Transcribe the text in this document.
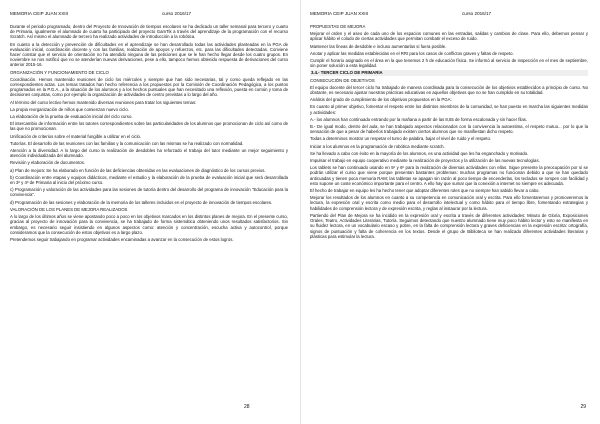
MEMORIA CEIP JUAN XXIII	curso 2016/17

Durante el periodo programado, dentro del Proyecto de Innovación de tiempos escolares se ha dedicado un taller semanal para tercero y cuarto de Primaria, igualmente el alumnado de cuarto ha participado del proyecto GamTik a través del aprendizaje de la programación con el recurso Scratch. Así mismo el alumnado de tercero ha realizado actividades de introducción a la robótica.

En cuanto a la detección y prevención de dificultades en el aprendizaje se han desarrollado todas las actividades planteadas en la PGA de evaluación inicial, coordinación docente y con las familias, realización de apoyos y refuerzos, etc. para las dificultades detectadas. Conviene hacer constar que el servicio de orientación no ha atendido ninguna de las peticiones que se le han hecho llegar desde los cuatro grupos. En noviembre se nos notificó que no se atenderían nuevas derivaciones, pese a ello, tampoco hemos obtenido respuesta de derivaciones del curso anterior 2015-16.

ORGANIZACIÓN Y FUNCIONAMIENTO DE CICLO

Coordinación. Hemos mantenido reuniones de ciclo los miércoles y siempre que han sido necesarias, tal y como queda reflejado en las correspondientes actas. Los temas tratados han hecho referencia a los propuestos por la Comisión de Coordinación Pedagógica, a los puntos programados en la P.G.A., a la situación de los alumnos y a los hechos puntuales que han necesitado una reflexión, puesta en común y toma de decisiones conjuntas, como por ejemplo la organización de actividades de centro previstas a lo largo del año.

Al término del curso lectivo hemos mantenido diversas reuniones para tratar los siguientes temas:

La propia reorganización de niños que comienzan nuevo ciclo.

La elaboración de la prueba de evaluación inicial del ciclo curso.

El intercambio de información entre los tutores correspondientes sobre las particularidades de los alumnos que promocionan de ciclo así como de las que no promocionan.

Unificación de criterios sobre el material fungible a utilizar en el ciclo.

Tutorías. El desarrollo de las reuniones con las familias y la comunicación con las mismas se ha realizado con normalidad.

Atención a la diversidad. A lo largo del curso la realización de desdobles ha reforzado el trabajo del tutor mediante un mejor seguimiento y atención individualizada del alumnado.

Revisión y elaboración de documentos.

a) Plan de mejora: Se ha elaborado en función de las deficiencias obtenidas en las evaluaciones de diagnóstico de los cursos previos.

b) Coordinación entre etapas y equipos didácticos, mediante el estudio y la elaboración de la prueba de evaluación inicial que será desarrollada en 3º y 4º de Primaria al inicio del próximo curso.

c) Programación y valoración de las actividades para las sesiones de tutoría dentro del desarrollo del programa de innovación "Educación para la convivencia".

d) Programación de las sesiones y elaboración de la memoria de los talleres incluidos en el proyecto de innovación de tiempos escolares.

VALORACIÓN DE LOS PLANES DE MEJORA REALIZADOS

A lo largo de los últimos años se viene apostando poco a poco en los objetivos marcados en los distintos planes de mejora. En el presente curso, gracias al proyecto de innovación para la convivencia, se ha trabajado de forma sistemática obteniendo unos resultados satisfactorios. Sin embargo, es necesario seguir insistiendo en algunos aspectos como: atención y concentración, escucha activa y autocontrol, porque consideramos que la consecución de estos objetivos es a largo plazo.

Pretendemos seguir trabajando en programar actividades encaminadas a avanzar en la consecución de estos logros.

28
MEMORIA CEIP JUAN XXIII	curso 2016/17

PROPUESTAS DE MEJORA

Mejorar el orden y el aseo de cada uno de los espacios comunes en las entradas, salidas y cambios de clase. Para ello, debemos pensar y aplicar hábito el coludo de ciertas actividades que permitan combatir el exceso de ruido.

Mantener las líneas de desdoble e incluso aumentarlas si fuera posible.

Anotar y aplicar las medidas establecidas en el RRI para los casos de conflictos graves y faltas de respeto.

Cumplir el horario asignado en el área en la que tenemos 2 h de educación física. Se informó al servicio de inspección en el mes de septiembre, sin poner solución a esta legalidad.

3.4.- TERCER CICLO DE PRIMARIA

CONSECUCIÓN DE OBJETIVOS

El equipo docente del tercer ciclo ha trabajado de manera coordinada para la consecución de los objetivos establecidos a principio de curso. No obstante, es necesario ajustar nuestras prácticas educativas en aquellos objetivos que no se han cumplido en su totalidad.

Análisis del grado de cumplimiento de los objetivos propuestos en la PGA:

En cuanto al primer objetivo, fomentar el respeto entre los distintos miembros de la comunidad, se han puesto en marcha las siguientes medidas y actividades:

A.- los alumnos han continuado entrando por la mañana a partir de las 8,55 de forma escalonada y sin hacer filas.

B.- De igual modo, dentro del aula, se han trabajado aspectos relacionados con la convivencia la autoestima, el respeto mutuo... por lo que la sensación de que a pesar de haberlos trabajado existen ciertos alumnos que no manifiestan dicho respeto.

Todas a determinos mostrar un respetar el turno de palabra, bajar el nivel de ruido y el respeto.

Iniciar a los alumnos en la programación de robótica mediante scratch.

Se ha llevado a cabo con éxito en la mayoría de los alumnos, es una actividad que les ha enganchado y motivado.

Impulsar el trabajo en equipo cooperativo mediante la realización de proyectos y la utilización de las nuevas tecnologías.

Los tablets se han continuado usando en 5º y 6º para la realización de diversas actividades con ellas. Sigue presente la preocupación por si se podrán utilizar el curso que viene porque presentan bastantes problemas: muchas programas no funcionan debido a que se han quedado anticuadas y tienen poca memoria RAM; las tabletas se apagan sin razón al poco tiempo de encenderlas, los teclados se rompen con facilidad y esto supone un coste económico importante para el centro. A ello hay que sumar que la conexión a internet no siempre es adecuada.

El hecho de trabajar en equipo les ha hecho tener que adoptar diferentes roles que no siempre han sabido llevar a cabo.

Mejorar los resultados de los alumnos en cuanto a su competencia en comunicación oral y escrita. Para ello fomentaremos y promoveremos la lectura, la expresión oral y escrita como medio para el desarrollo intelectual y como hábito para el tiempo libre, fomentando estrategias y habilidades de comprensión lectora y de expresión escrita, y reglas al instaurar por la lectura.

Partiendo del Plan de Mejora se ha incidido en la expresión oral y escrita a través de diferentes actividades: Minuto de Gloria, Exposiciones Orales, Teatro, Actividades Literarias, Tutoría. Seguimos detectando que nuestro alumnado tiene muy poco hábito lector y esto se manifiesta en su fluidez lectora, en un vocabulario escaso y pobre, en la falta de comprensión lectora y graves deficiencias en la expresión escrita: ortografía, signos de puntuación y falta de coherencia en los textos. Desde el grupo de Biblioteca se han realizado diferentes actividades literarias y plásticas para estimular la lectura.

29
